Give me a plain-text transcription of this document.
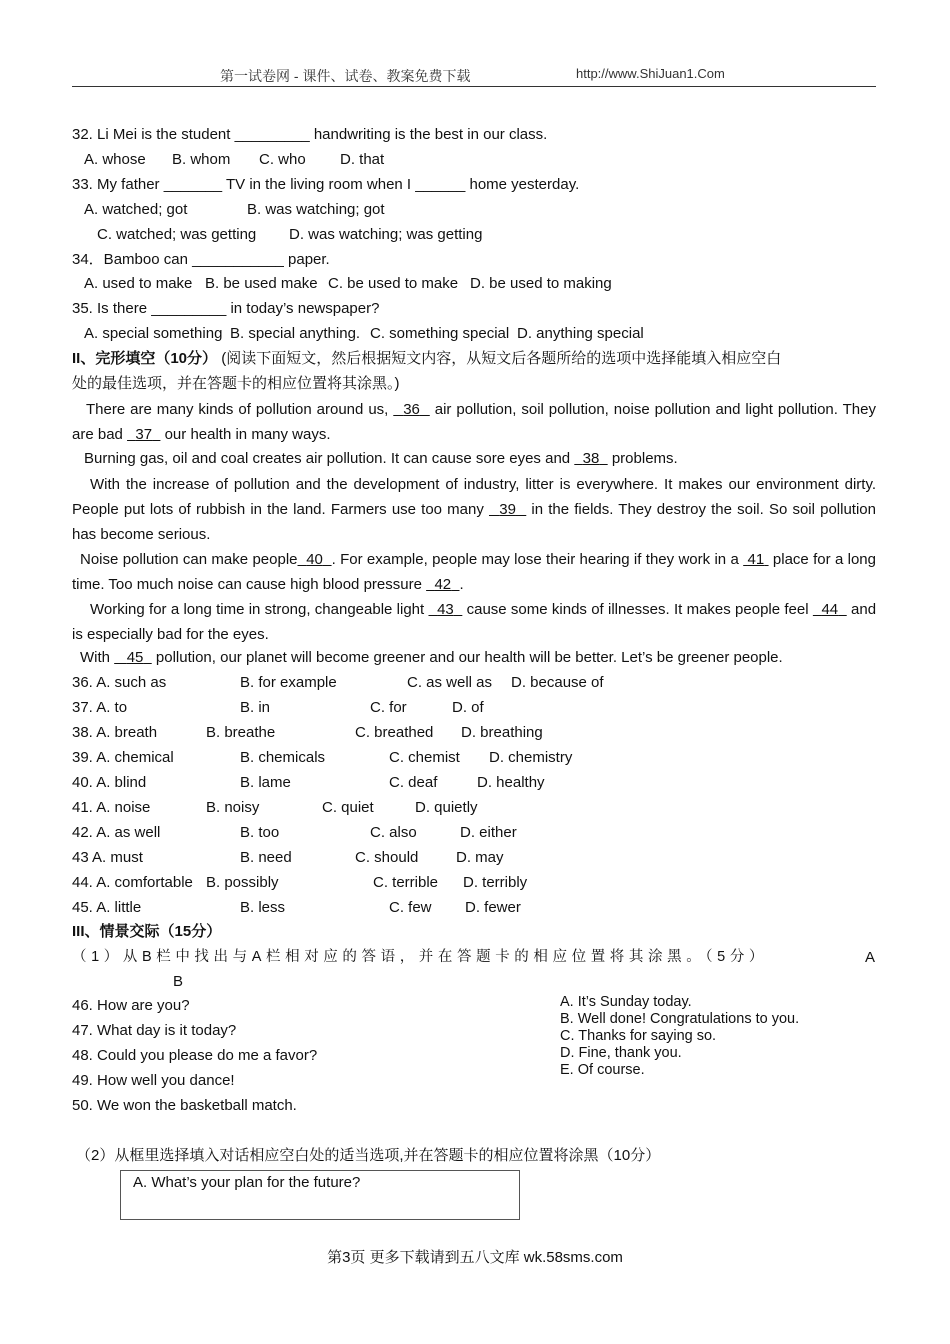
第一试卷网 - 课件、试卷、教案免费下载	http://www.ShiJuan1.Com
32. Li Mei is the student _________ handwriting is the best in our class.
A. whose B. whom C. who D. that
33. My father _______ TV in the living room when I ______ home yesterday.
A. watched; got	B. was watching; got
C. watched; was getting D. was watching; was getting
34．Bamboo can ___________ paper.
A. used to make B. be used make C. be used to make D. be used to making
35. Is there _________ in today’s newspaper?
A. special something B. special anything. C. something special D. anything special
II、完形填空（10分） (阅读下面短文，然后根据短文内容，从短文后各题所给的选项中选择能填入相应空白
处的最佳选项，并在答题卡的相应位置将其涂黑。)
There are many kinds of pollution around us, 36 air pollution, soil pollution, noise pollution and light pollution. They are bad 37 our health in many ways.
Burning gas, oil and coal creates air pollution. It can cause sore eyes and 38 problems.
With the increase of pollution and the development of industry, litter is everywhere. It makes our environment dirty. People put lots of rubbish in the land. Farmers use too many 39 in the fields. They destroy the soil. So soil pollution has become serious.
Noise pollution can make people 40 . For example, people may lose their hearing if they work in a 41 place for a long time. Too much noise can cause high blood pressure 42 .
Working for a long time in strong, changeable light 43 cause some kinds of illnesses. It makes people feel 44 and is especially bad for the eyes.
With 45 pollution, our planet will become greener and our health will be better. Let’s be greener people.
36. A. such as	B. for example	C. as well as D. because of
37. A. to	B. in	C. for	D. of
38. A. breath	B. breathe	C. breathed D. breathing
39. A. chemical	B. chemicals	C. chemist D. chemistry
40. A. blind	B. lame	C. deaf	D. healthy
41. A. noise	B. noisy	C. quiet	D. quietly
42. A. as well	B. too	C. also	D. either
43 A. must	B. need	C. should	D. may
44. A. comfortable B. possibly	C. terrible D. terribly
45. A. little	B. less	C. few D. fewer
III、情景交际（15分）
（1）从B栏中找出与A栏相对应的答语，并在答题卡的相应位置将其涂黑。（5分）	A
B
46. How are you?
47. What day is it today?
48. Could you please do me a favor?
49. How well you dance!
50. We won the basketball match.
A. It’s Sunday today.
B. Well done! Congratulations to you.
C. Thanks for saying so.
D. Fine, thank you.
E. Of course.
（2）从框里选择填入对话相应空白处的适当选项,并在答题卡的相应位置将涂黑（10分）
A. What’s your plan for the future?
第3页 更多下载请到五八文库 wk.58sms.com
